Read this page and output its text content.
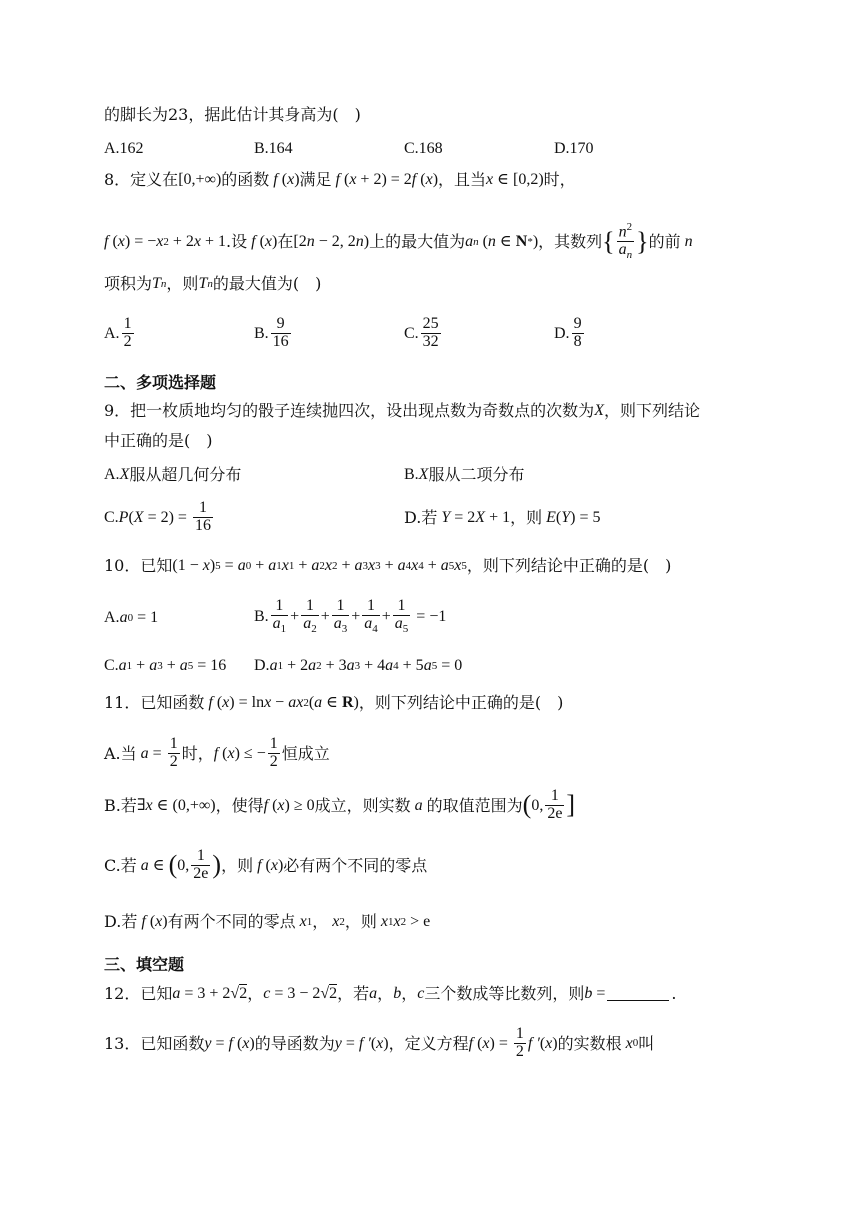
的脚长为23，据此估计其身高为(　)
A.162	B.164	C.168	D.170
8．定义在 [0,+∞) 的函数 f ( x ) 满足 f ( x + 2) = 2 f ( x ) ，且当 x ∈ [0,2) 时，
f ( x ) = − x 2 + 2 x + 1 .设 f ( x ) 在 [2 n − 2, 2 n ) 上的最大值为 a n ( n ∈ N * ) ，其数列 { $\frac{n^2}{a_n}$ } 的前 n
项积为 T n ，则 T n 的最大值为(　)
A. $\frac{1}{2}$	B. $\frac{9}{16}$	C. $\frac{25}{32}$	D. $\frac{9}{8}$
二、多项选择题
9．把一枚质地均匀的骰子连续抛四次，设出现点数为奇数点的次数为 X ，则下列结论
中正确的是(　)
A. X 服从超几何分布	B. X 服从二项分布
C. P ( $X = 2) = \frac{1}{16}$	D.若 Y = 2 X + 1 ，则 E ( Y ) = 5
10．已知 (1 − x ) 5 = a 0 + a 1 x 1 + a 2 x 2 + a 3 x 3 + a 4 x 4 + a 5 x 5 ，则下列结论中正确的是(　)
A. a 0 = 1	B. $\frac{1}{a_1} + \frac{1}{a_2} + \frac{1}{a_3} + \frac{1}{a_4} + \frac{1}{a_5} = -1$
C. a 1 + a 3 + a 5 = 16 D. a 1 + 2 a 2 + 3 a 3 + 4 a 4 + 5 a 5 = 0
11．已知函数 f ( x ) = ln x − ax 2 ( a ∈ R ) ，则下列结论中正确的是(　)
A.当 $a = \frac{1}{2}$ 时， f ( x ) ≤ − $\frac{1}{2}$ 恒成立
B.若 ∃ x ∈ (0,+∞) ，使得 f ( x ) ≥ 0 成立，则实数 a 的取值范围为 ( 0, $\frac{1}{2e}$ ]
C.若 a ∈ ( 0, $\frac{1}{2e}$ ) ，则 f ( x ) 必有两个不同的零点
D.若 f ( x ) 有两个不同的零点 x 1 ， x 2 ，则 x 1 x 2 > e
三、填空题
12．已知 a = 3 + 2√ 2 ， c = 3 − 2√ 2 ，若 a ， b ， c 三个数成等比数列，则 b =	.
13．已知函数 y = f ( x ) 的导函数为 y = f ′ ( x ) ，定义方程 f ( x ) = $\frac{1}{2}$ f ′ ( x ) 的实数根 x 0 叫
